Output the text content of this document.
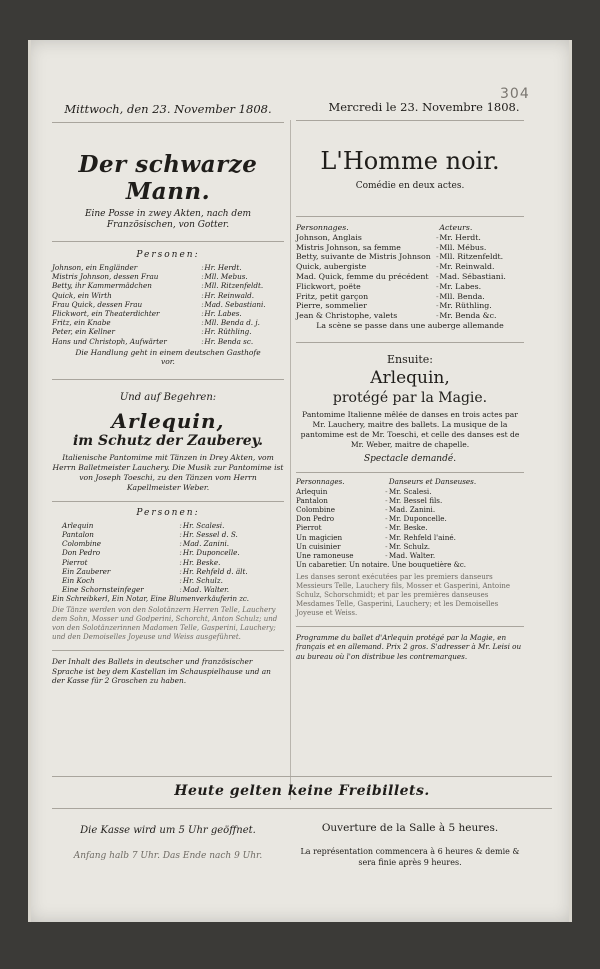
304
Mittwoch, den 23. November 1808.
Der schwarze Mann.
Eine Posse in zwey Akten, nach dem Französischen, von Gotter.
Personen:
Johnson, ein Engländer	:	Hr. Herdt.
Mistris Johnson, dessen Frau	:	Mll. Mebus.
Betty, ihr Kammermädchen	:	Mll. Ritzenfeldt.
Quick, ein Wirth	:	Hr. Reinwald.
Frau Quick, dessen Frau	:	Mad. Sebastiani.
Flickwort, ein Theaterdichter	:	Hr. Labes.
Fritz, ein Knabe	:	Mll. Benda d. j.
Peter, ein Kellner	:	Hr. Rüthling.
Hans und Christoph, Aufwärter	:	Hr. Benda sc.
Die Handlung geht in einem deutschen Gasthofe vor.
Und auf Begehren:
Arlequin,
im Schutz der Zauberey.
Italienische Pantomime mit Tänzen in Drey Akten, vom Herrn Balletmeister Lauchery. Die Musik zur Pantomime ist von Joseph Toeschi, zu den Tänzen vom Herrn Kapellmeister Weber.
Personen:
Arlequin	:	Hr. Scalesi.
Pantalon	:	Hr. Sessel d. S.
Colombine	:	Mad. Zanini.
Don Pedro	:	Hr. Duponcelle.
Pierrot	:	Hr. Beske.
Ein Zauberer	:	Hr. Rehfeld d. ält.
Ein Koch	:	Hr. Schulz.
Eine Schornsteinfeger	:	Mad. Walter.
Ein Schreibkerl, Ein Notar, Eine Blumenverkäuferin zc.
Die Tänze werden von den Solotänzern Herren Telle, Lauchery dem Sohn, Mosser und Godperini, Schorcht, Anton Schulz; und von den Solotänzerinnen Madamen Telle, Gasperini, Lauchery; und den Demoiselles Joyeuse und Weiss ausgeführet.
Der Inhalt des Ballets in deutscher und französischer Sprache ist bey dem Kastellan im Schauspielhause und an der Kasse für 2 Groschen zu haben.
Mercredi le 23. Novembre 1808.
L'Homme noir.
Comédie en deux actes.
Personnages.		Acteurs.
Johnson, Anglais	-	Mr. Herdt.
Mistris Johnson, sa femme	-	Mll. Mébus.
Betty, suivante de Mistris Johnson	-	Mll. Ritzenfeldt.
Quick, aubergiste	-	Mr. Reinwald.
Mad. Quick, femme du précédent	-	Mad. Sébastiani.
Flickwort, poëte	-	Mr. Labes.
Fritz, petit garçon	-	Mll. Benda.
Pierre, sommelier	-	Mr. Rüthling.
Jean & Christophe, valets	-	Mr. Benda &c.
La scène se passe dans une auberge allemande
Ensuite:
Arlequin,
protégé par la Magie.
Pantomime Italienne mêlée de danses en trois actes par Mr. Lauchery, maitre des ballets. La musique de la pantomime est de Mr. Toeschi, et celle des danses est de Mr. Weber, maitre de chapelle.
Spectacle demandé.
Personnages.		Danseurs et Danseuses.
Arlequin	-	Mr. Scalesi.
Pantalon	-	Mr. Bessel fils.
Colombine	-	Mad. Zanini.
Don Pedro	-	Mr. Duponcelle.
Pierrot	-	Mr. Beske.
Un magicien	-	Mr. Rehfeld l'ainé.
Un cuisinier	-	Mr. Schulz.
Une ramoneuse	-	Mad. Walter.
Un cabaretier. Un notaire. Une bouquetière &c.
Les danses seront exécutées par les premiers danseurs Messieurs Telle, Lauchery fils, Mosser et Gasperini, Antoine Schulz, Schorschmidt; et par les premières danseuses Mesdames Telle, Gasperini, Lauchery; et les Demoiselles Joyeuse et Weiss.
Programme du ballet d'Arlequin protégé par la Magie, en français et en allemand. Prix 2 gros. S'adresser à Mr. Leisi ou au bureau où l'on distribue les contremarques.
Heute gelten keine Freibillets.
Die Kasse wird um 5 Uhr geöffnet.
Anfang halb 7 Uhr. Das Ende nach 9 Uhr.
Ouverture de la Salle à 5 heures.
La représentation commencera à 6 heures & demie & sera finie après 9 heures.
